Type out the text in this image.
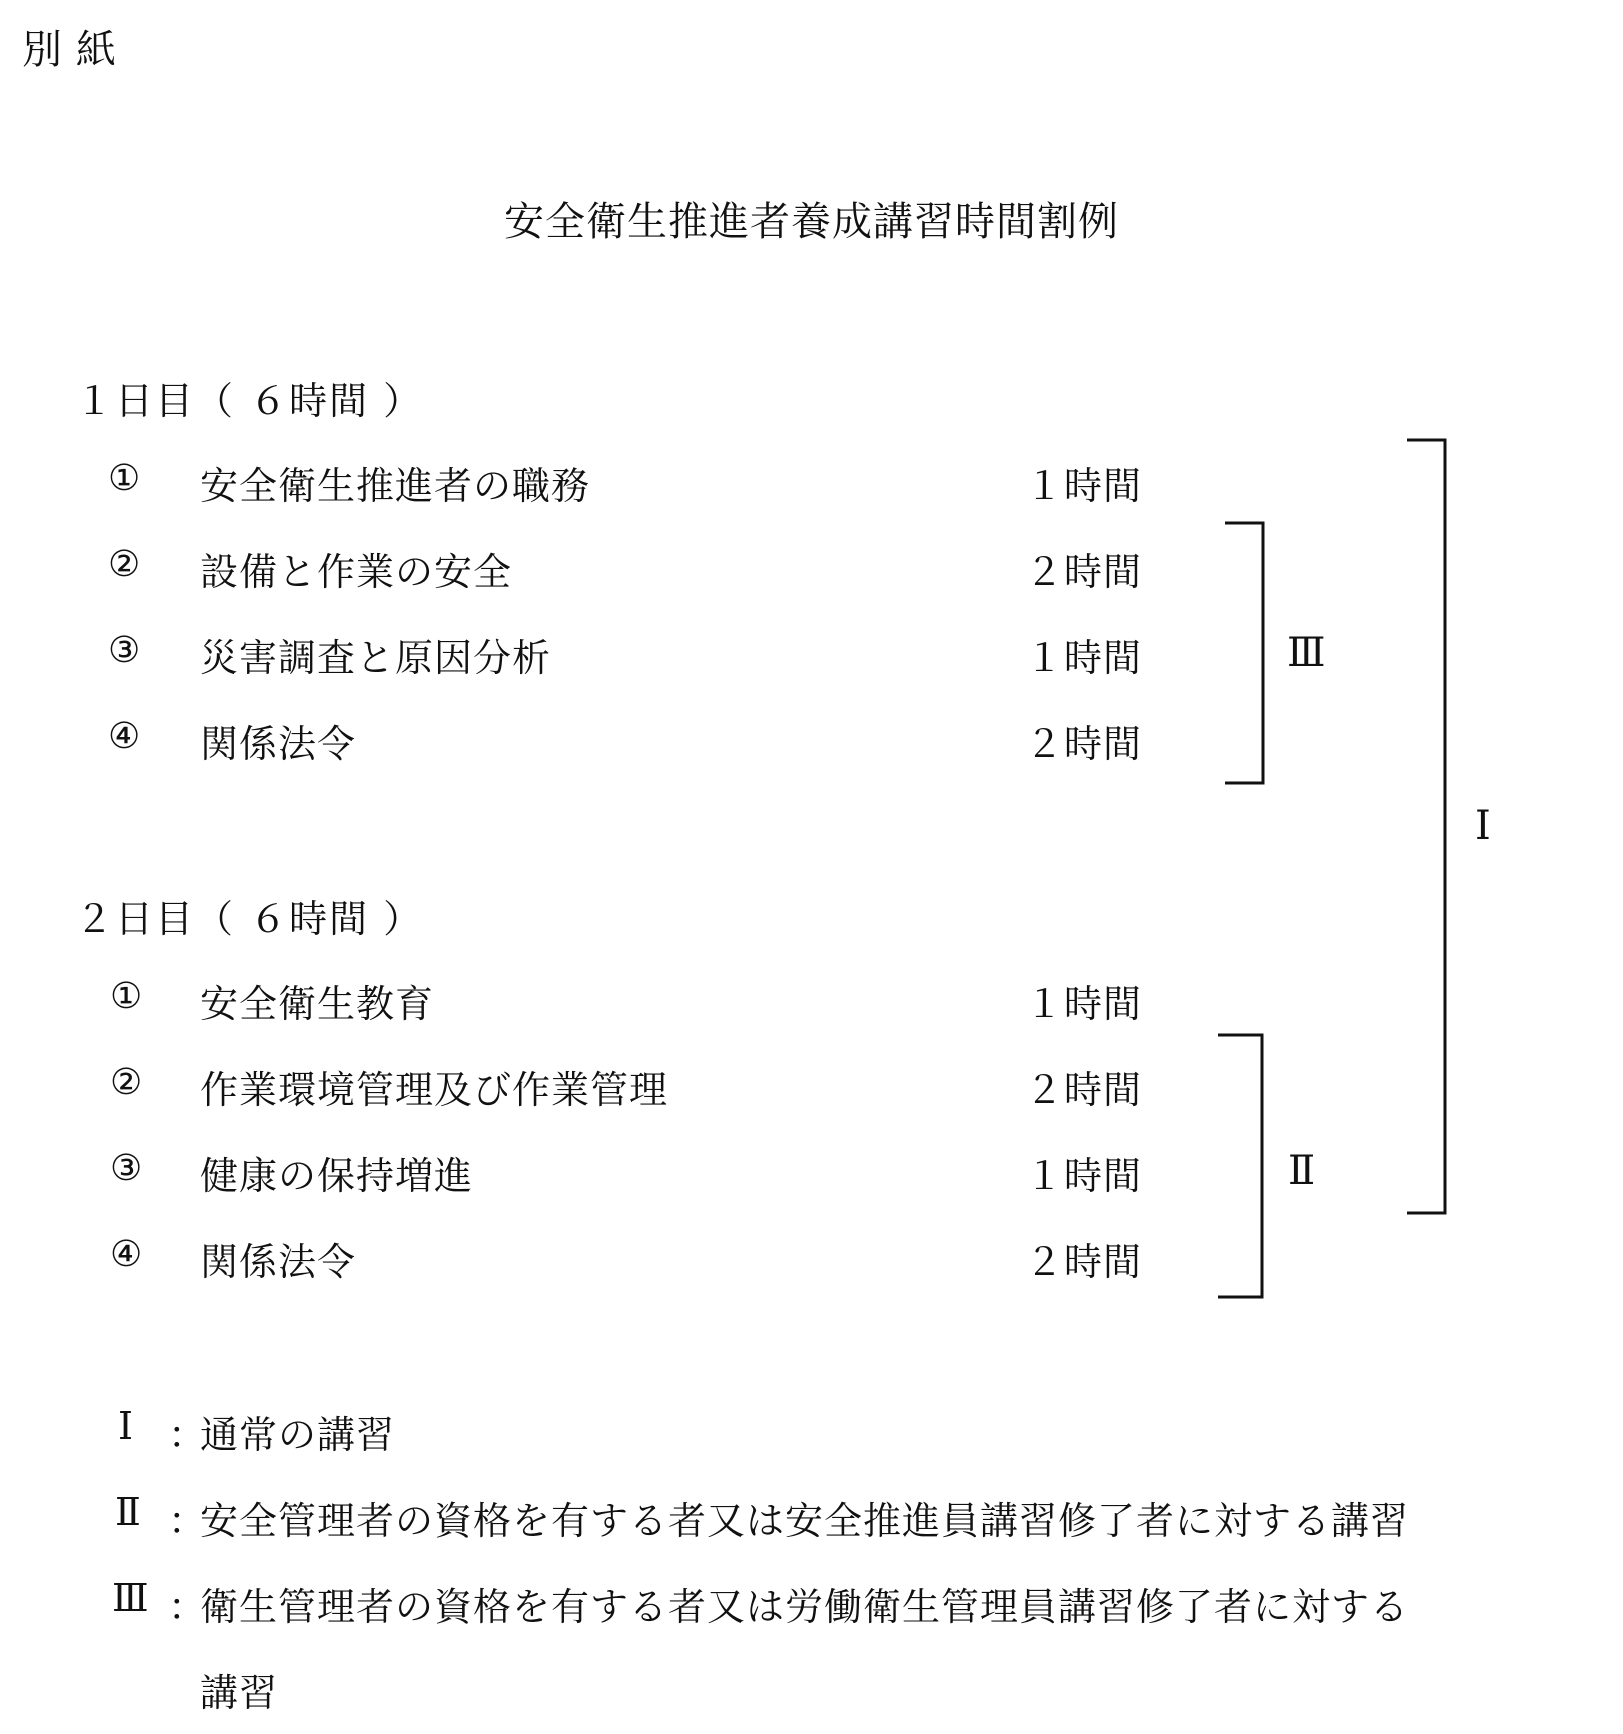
別紙
安全衛生推進者養成講習時間割例
１日目（ ６時間 ）
① 安全衛生推進者の職務	１時間
② 設備と作業の安全	２時間
③ 災害調査と原因分析	１時間
④ 関係法令	２時間
２日目（ ６時間 ）
① 安全衛生教育	１時間
② 作業環境管理及び作業管理	２時間
③ 健康の保持増進	１時間
④ 関係法令	２時間
Ⅲ
Ⅱ
Ⅰ
Ⅰ ：
通常の講習
Ⅱ ：
安全管理者の資格を有する者又は安全推進員講習修了者に対する講習
Ⅲ ：
衛生管理者の資格を有する者又は労働衛生管理員講習修了者に対する
講習
